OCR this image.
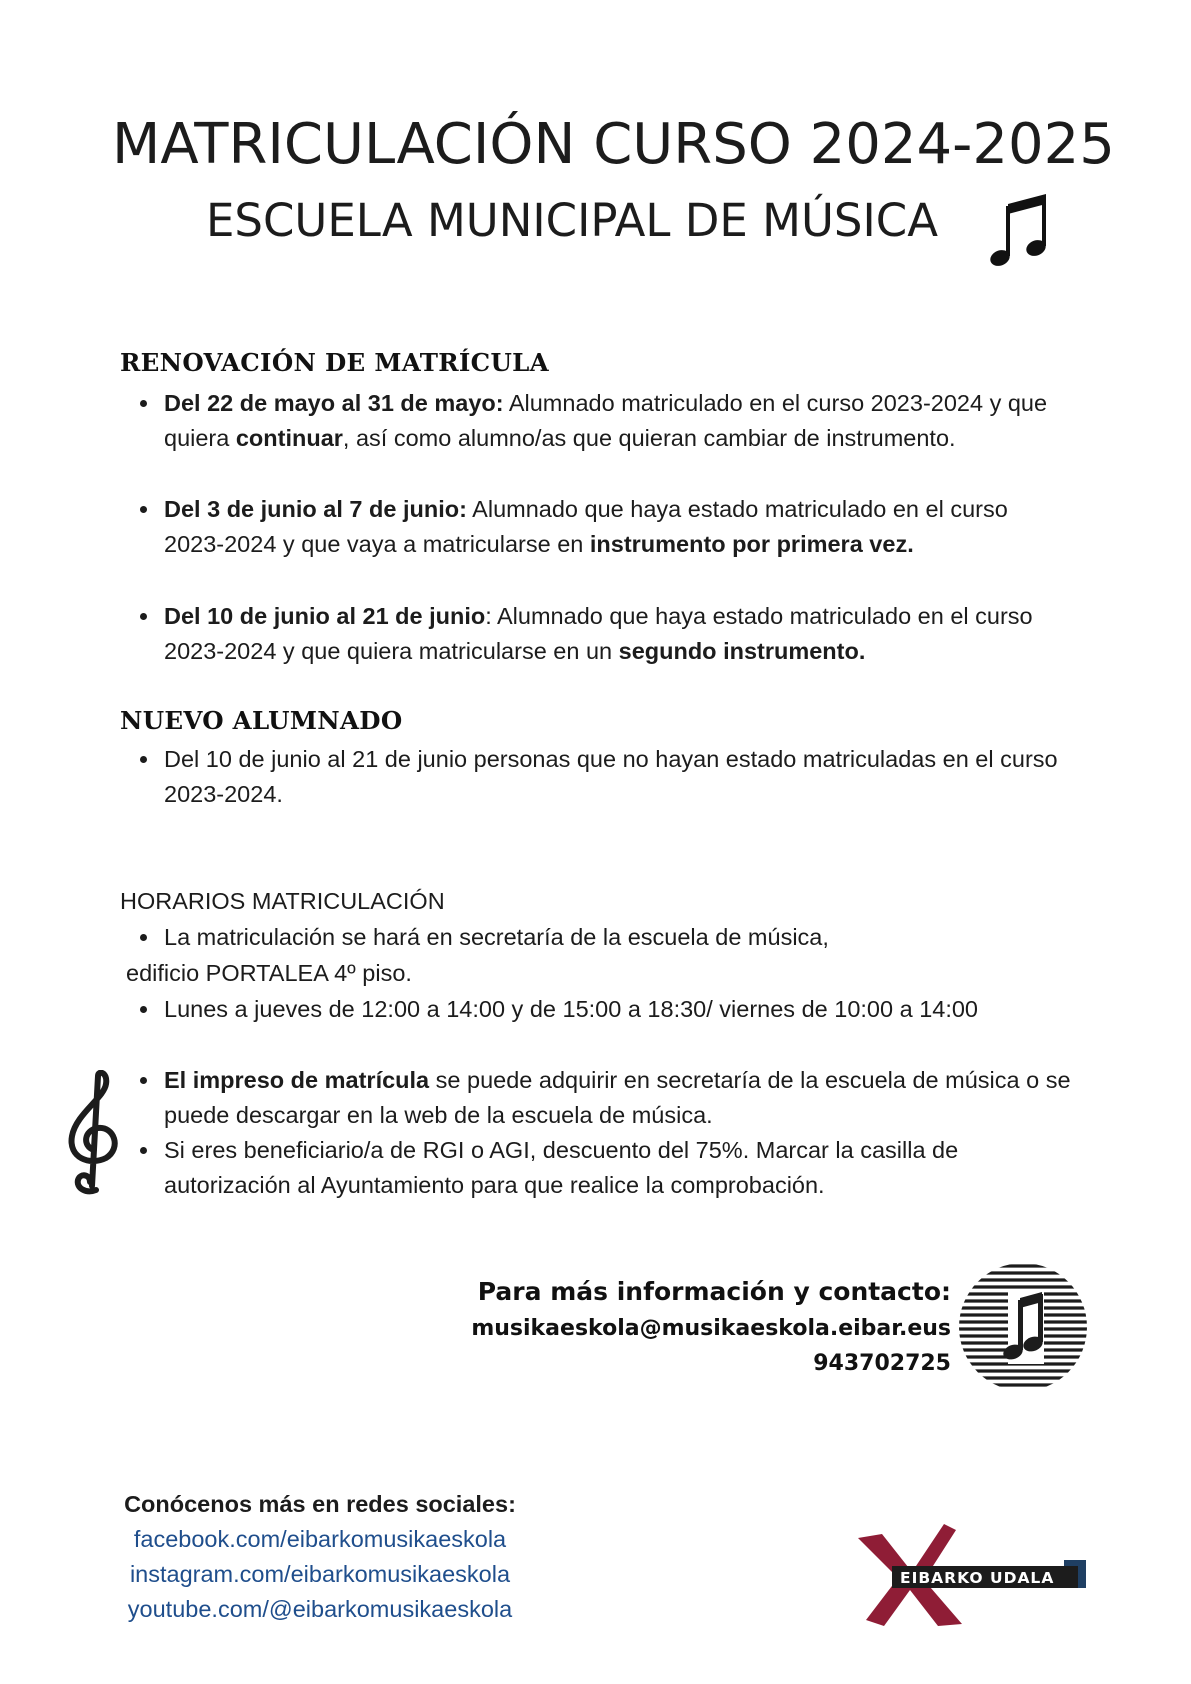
MATRICULACIÓN CURSO 2024-2025
ESCUELA MUNICIPAL DE MÚSICA
RENOVACIÓN DE MATRÍCULA
Del 22 de mayo al 31 de mayo: Alumnado matriculado en el curso 2023-2024 y que quiera continuar, así como alumno/as que quieran cambiar de instrumento.
Del 3 de junio al 7 de junio: Alumnado que haya estado matriculado en el curso 2023-2024 y que vaya a matricularse en instrumento por primera vez.
Del 10 de junio al 21 de junio: Alumnado que haya estado matriculado en el curso 2023-2024 y que quiera matricularse en un segundo instrumento.
NUEVO ALUMNADO
Del 10 de junio al 21 de junio personas que no hayan estado matriculadas en el curso 2023-2024.

HORARIOS MATRICULACIÓN

La matriculación se hará en secretaría de la escuela de música,

edificio PORTALEA 4º piso.

Lunes a jueves de 12:00 a 14:00 y de 15:00 a 18:30/ viernes de 10:00 a 14:00
El impreso de matrícula se puede adquirir en secretaría de la escuela de música o se puede descargar en la web de la escuela de música.
Si eres beneficiario/a de RGI o AGI, descuento del 75%. Marcar la casilla de autorización al Ayuntamiento para que realice la comprobación.
Para más información y contacto:
musikaeskola@musikaeskola.eibar.eus
943702725
Conócenos más en redes sociales:
facebook.com/eibarkomusikaeskola
instagram.com/eibarkomusikaeskola
youtube.com/@eibarkomusikaeskola
EIBARKO UDALA
